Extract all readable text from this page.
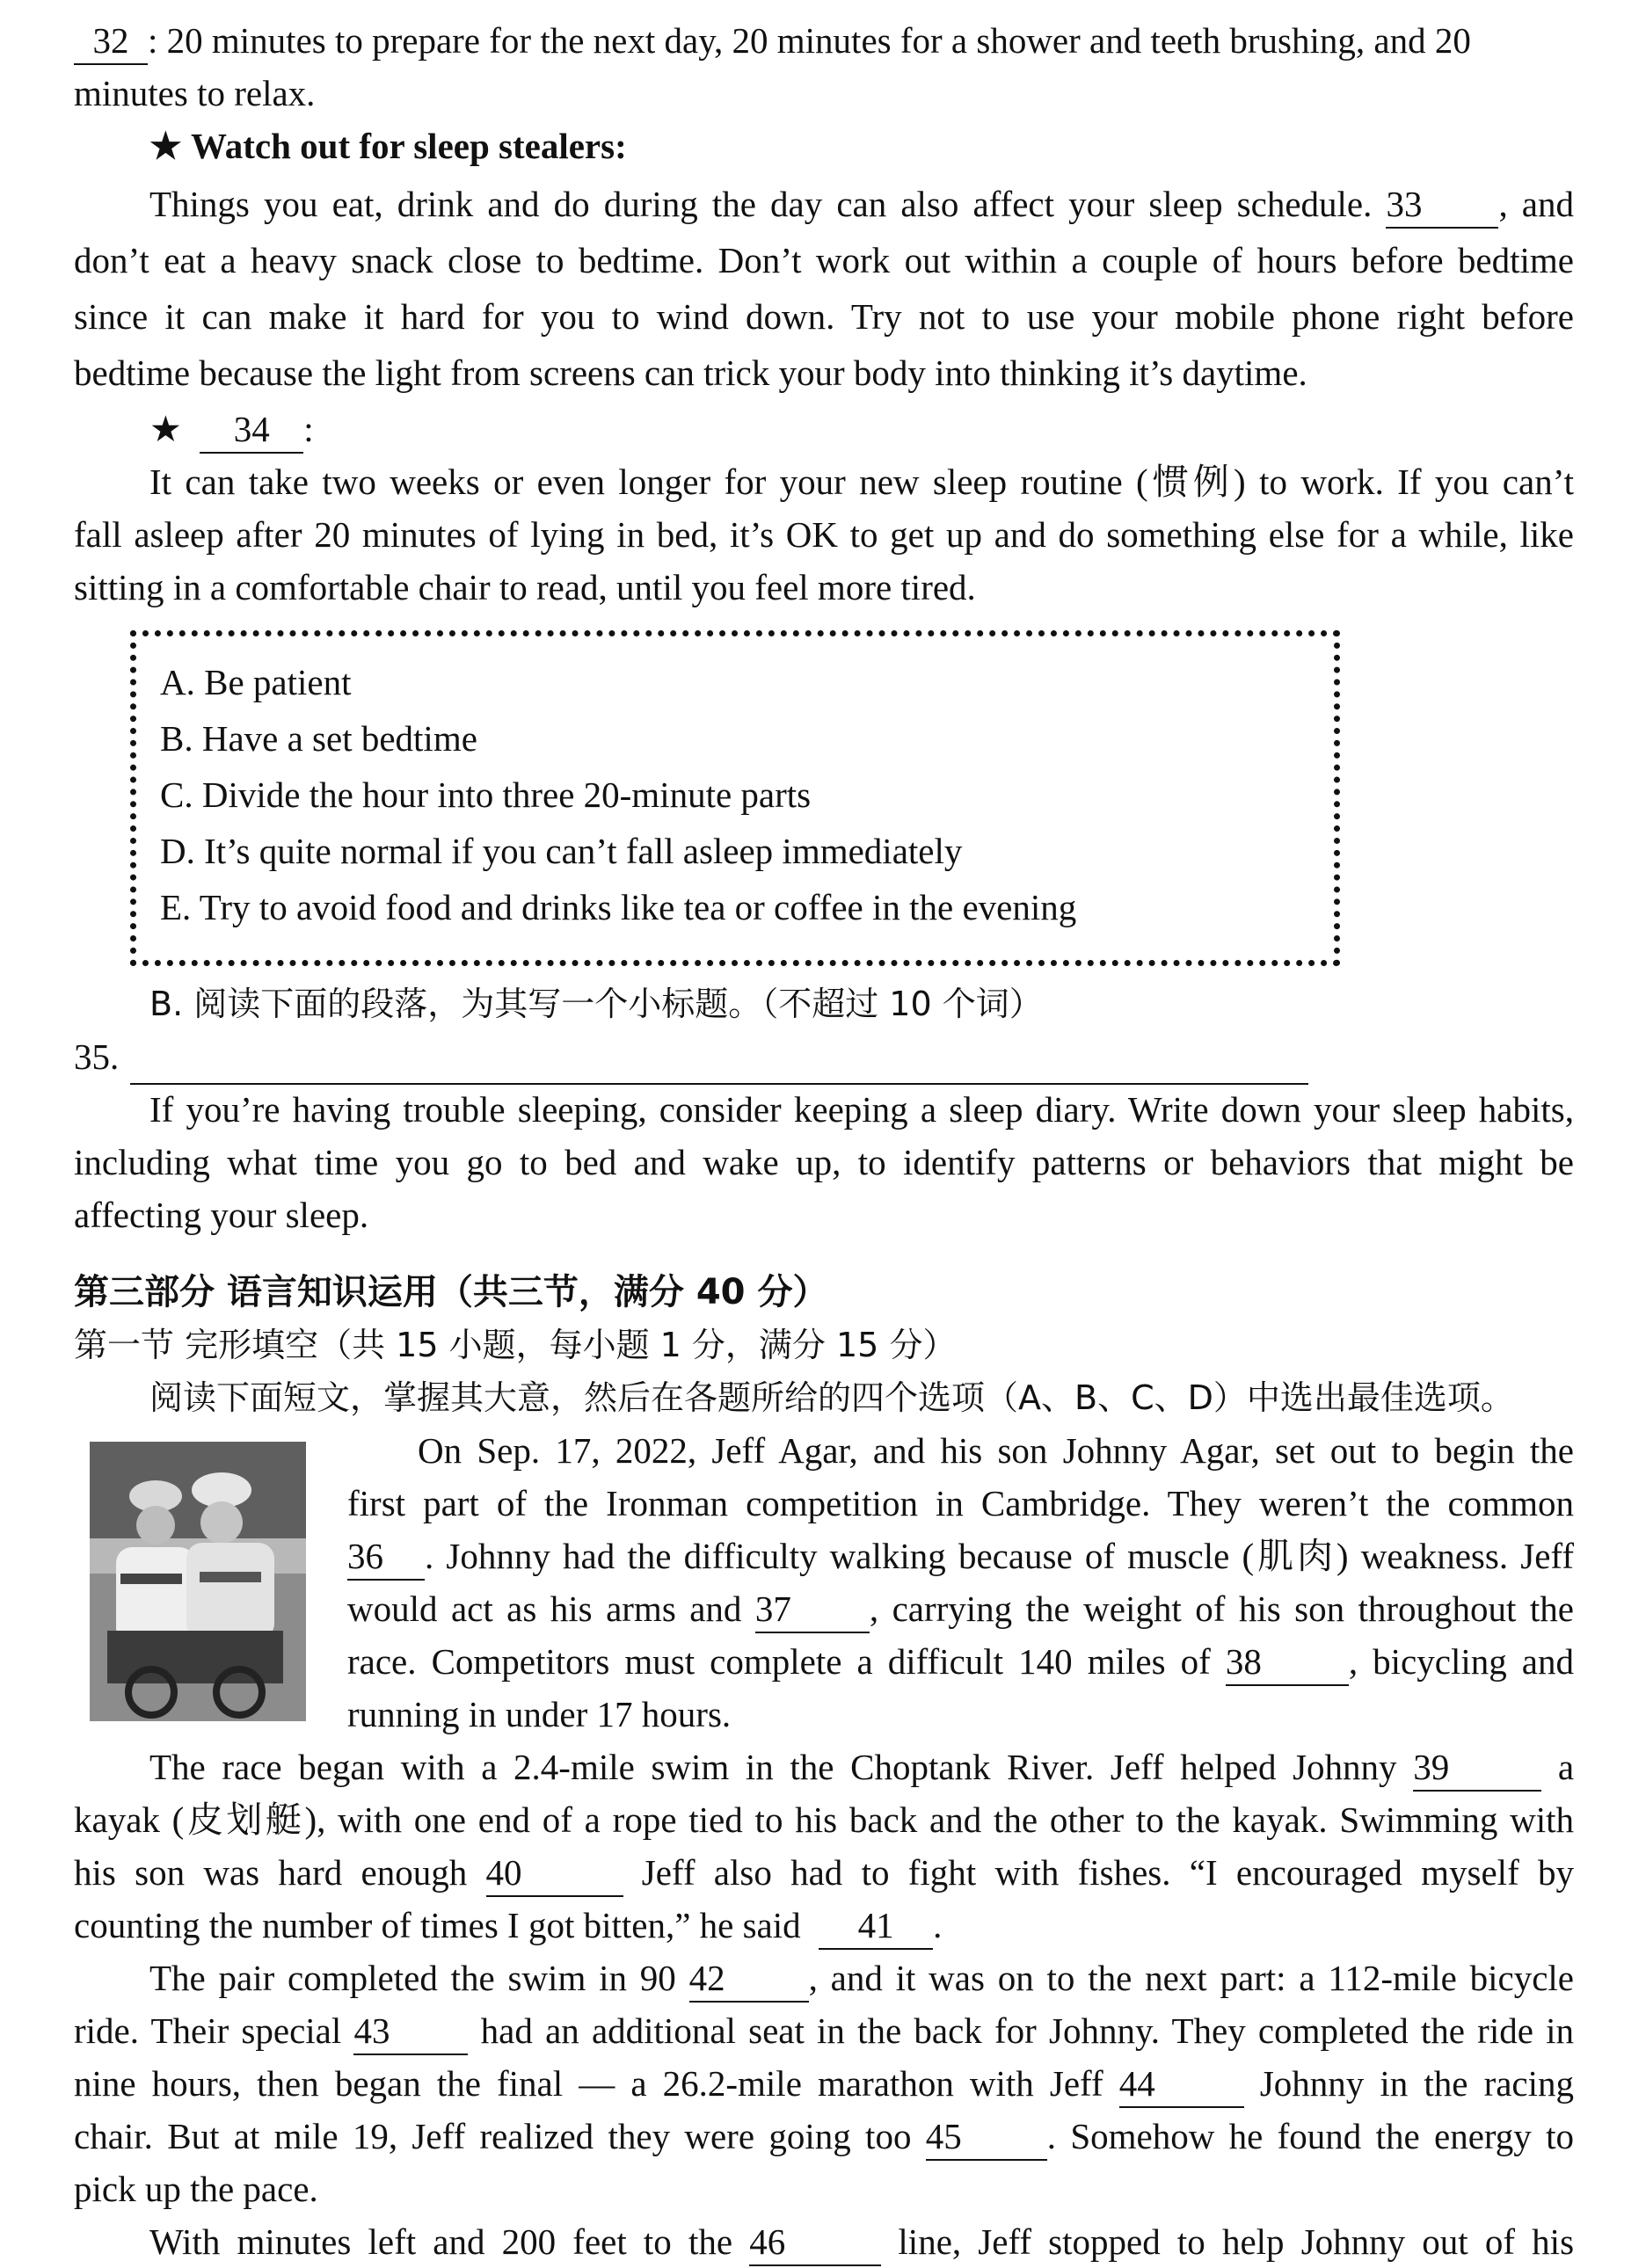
32 : 20 minutes to prepare for the next day, 20 minutes for a shower and teeth brushing, and 20
minutes to relax.
★ Watch out for sleep stealers:
Things you eat, drink and do during the day can also affect your sleep schedule. 33 , and
don’t eat a heavy snack close to bedtime. Don’t work out within a couple of hours before bedtime
since it can make it hard for you to wind down. Try not to use your mobile phone right before
bedtime because the light from screens can trick your body into thinking it’s daytime.
★ 34 :
It can take two weeks or even longer for your new sleep routine (惯例) to work. If you can’t
fall asleep after 20 minutes of lying in bed, it’s OK to get up and do something else for a while, like
sitting in a comfortable chair to read, until you feel more tired.
A. Be patient
B. Have a set bedtime
C. Divide the hour into three 20-minute parts
D. It’s quite normal if you can’t fall asleep immediately
E. Try to avoid food and drinks like tea or coffee in the evening
B. 阅读下面的段落，为其写一个小标题。（不超过 10 个词）
35.
If you’re having trouble sleeping, consider keeping a sleep diary. Write down your sleep habits,
including what time you go to bed and wake up, to identify patterns or behaviors that might be
affecting your sleep.
第三部分 语言知识运用（共三节，满分 40 分）
第一节 完形填空（共 15 小题，每小题 1 分，满分 15 分）
阅读下面短文，掌握其大意，然后在各题所给的四个选项（A、B、C、D）中选出最佳选项。
On Sep. 17, 2022, Jeff Agar, and his son Johnny Agar, set out to begin the
first part of the Ironman competition in Cambridge. They weren’t the common
36 . Johnny had the difficulty walking because of muscle (肌肉) weakness. Jeff
would act as his arms and 37 , carrying the weight of his son throughout the
race. Competitors must complete a difficult 140 miles of 38 , bicycling and
running in under 17 hours.
The race began with a 2.4-mile swim in the Choptank River. Jeff helped Johnny 39	a
kayak (皮划艇), with one end of a rope tied to his back and the other to the kayak. Swimming with
his son was hard enough 40	Jeff also had to fight with fishes. “I encouraged myself by
counting the number of times I got bitten,” he said 41 .
The pair completed the swim in 90 42 , and it was on to the next part: a 112-mile bicycle
ride. Their special 43	had an additional seat in the back for Johnny. They completed the ride in
nine hours, then began the final — a 26.2-mile marathon with Jeff 44	Johnny in the racing
chair. But at mile 19, Jeff realized they were going too 45 . Somehow he found the energy to
pick up the pace.
With minutes left and 200 feet to the 46	line, Jeff stopped to help Johnny out of his
